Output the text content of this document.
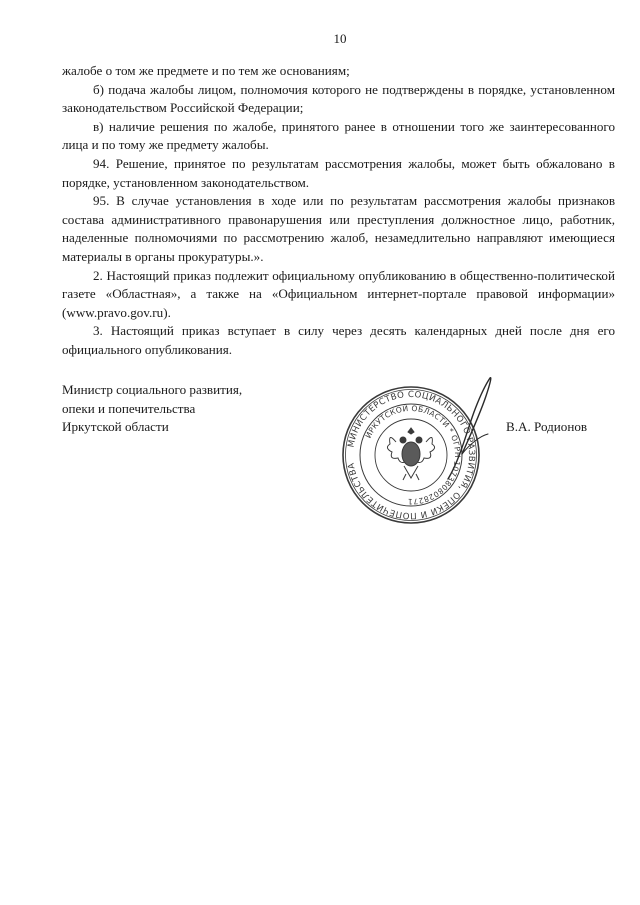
10

жалобе о том же предмете и по тем же основаниям;

б) подача жалобы лицом, полномочия которого не подтверждены в порядке, установленном законодательством Российской Федерации;

в) наличие решения по жалобе, принятого ранее в отношении того же заинтересованного лица и по тому же предмету жалобы.

94. Решение, принятое по результатам рассмотрения жалобы, может быть обжаловано в порядке, установленном законодательством.

95. В случае установления в ходе или по результатам рассмотрения жалобы признаков состава административного правонарушения или преступления должностное лицо, работник, наделенные полномочиями по рассмотрению жалоб, незамедлительно направляют имеющиеся материалы в органы прокуратуры.».

2. Настоящий приказ подлежит официальному опубликованию в общественно-политической газете «Областная», а также на «Официальном интернет-портале правовой информации» (www.pravo.gov.ru).

3. Настоящий приказ вступает в силу через десять календарных дней после дня его официального опубликования.

Министр социального развития,
опеки и попечительства
Иркутской области
МИНИСТЕРСТВО СОЦИАЛЬНОГО РАЗВИТИЯ, ОПЕКИ И ПОПЕЧИТЕЛЬСТВА
ИРКУТСКОЙ ОБЛАСТИ * ОГРН 1073808028271
В.А. Родионов
